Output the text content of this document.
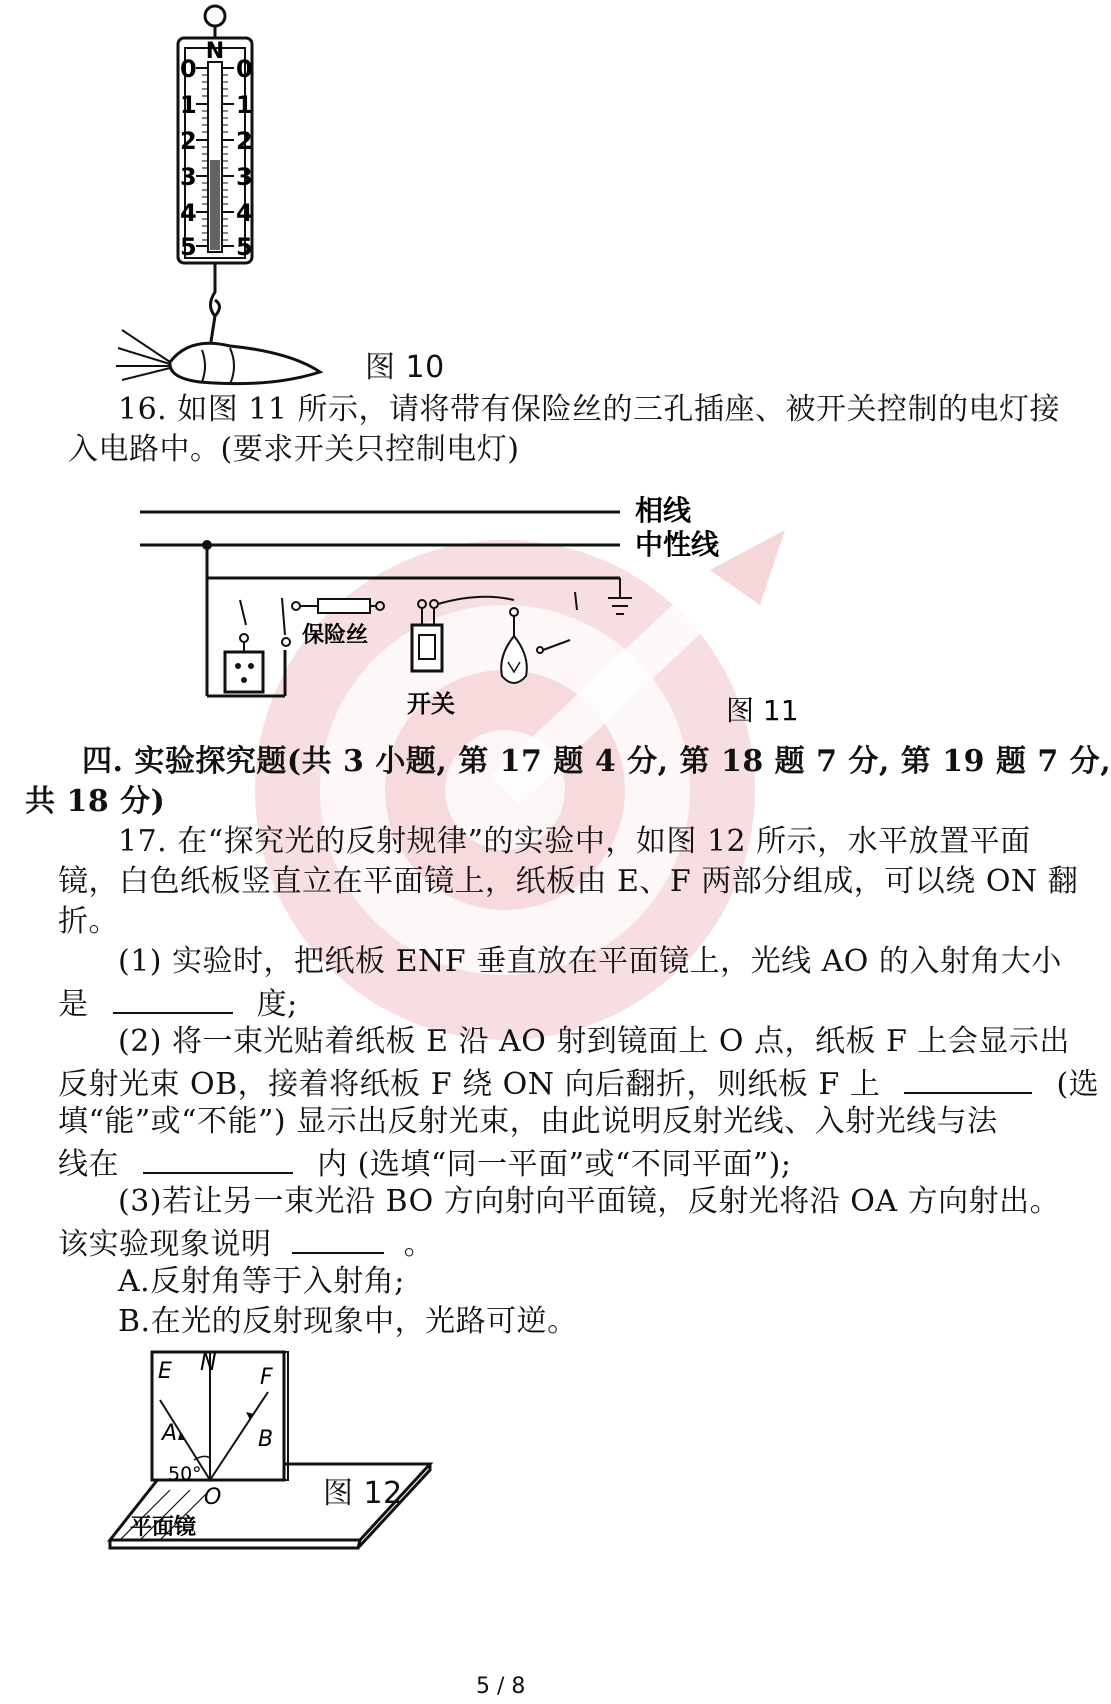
N
0
1
2
3
4
5
0
1
2
3
4
5
图 10
16. 如图 11 所示，请将带有保险丝的三孔插座、被开关控制的电灯接
入电路中。(要求开关只控制电灯)
相线
中性线
保险丝
开关	图 11
四. 实验探究题(共 3 小题, 第 17 题 4 分, 第 18 题 7 分, 第 19 题 7 分,
共 18 分)
17. 在“探究光的反射规律”的实验中，如图 12 所示，水平放置平面
镜，白色纸板竖直立在平面镜上，纸板由 E、F 两部分组成，可以绕 ON 翻
折。
(1) 实验时，把纸板 ENF 垂直放在平面镜上，光线 AO 的入射角大小
是	度;
(2) 将一束光贴着纸板 E 沿 AO 射到镜面上 O 点，纸板 F 上会显示出
反射光束 OB，接着将纸板 F 绕 ON 向后翻折，则纸板 F 上	(选
填“能”或“不能”) 显示出反射光束，由此说明反射光线、入射光线与法
线在	内 (选填“同一平面”或“不同平面”);
(3)若让另一束光沿 BO 方向射向平面镜，反射光将沿 OA 方向射出。
该实验现象说明	。
A.反射角等于入射角;
B.在光的反射现象中，光路可逆。
E N
F
A	B
O
50°
平面镜
图 12
5 / 8
